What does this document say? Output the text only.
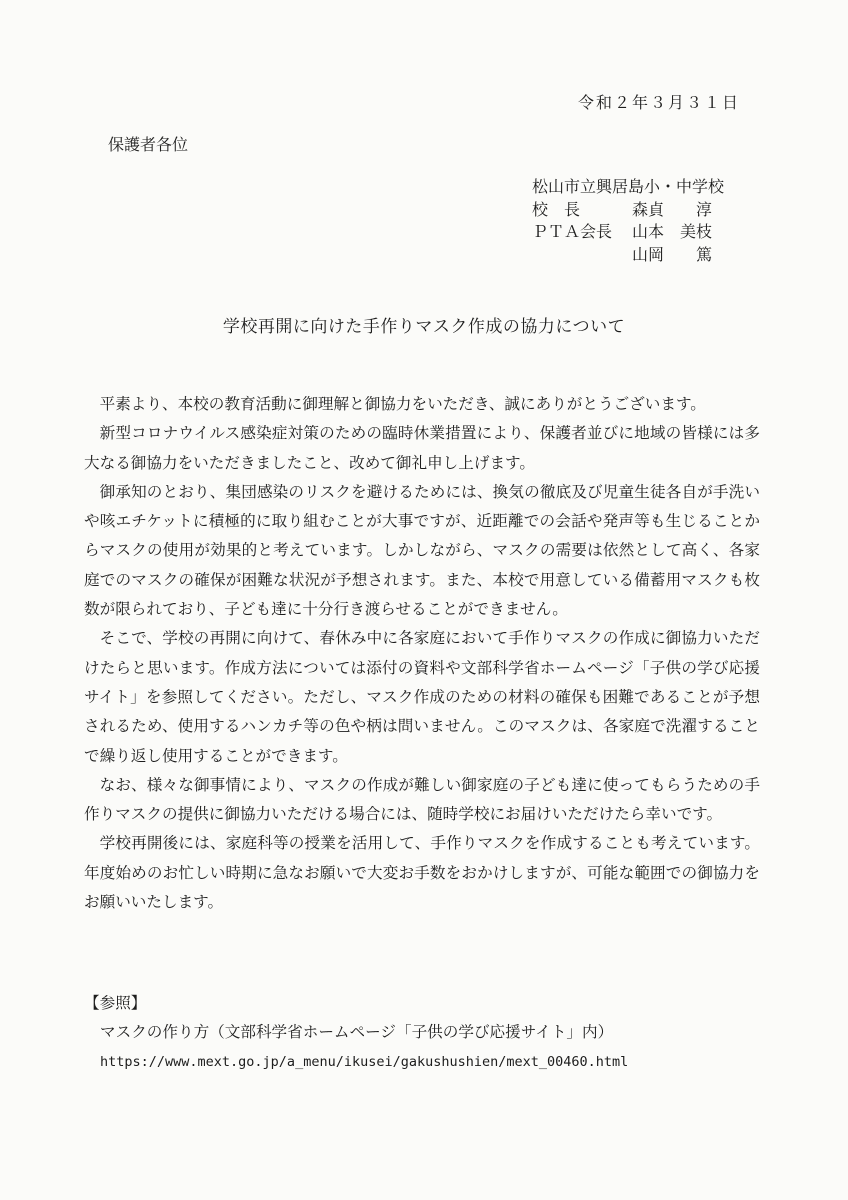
令和２年３月３１日
保護者各位
松山市立興居島小・中学校
校　長	森貞　　淳
ＰＴＡ会長	山本　美枝
山岡　　篤
学校再開に向けた手作りマスク作成の協力について

平素より、本校の教育活動に御理解と御協力をいただき、誠にありがとうございます。

新型コロナウイルス感染症対策のための臨時休業措置により、保護者並びに地域の皆様には多大なる御協力をいただきましたこと、改めて御礼申し上げます。

御承知のとおり、集団感染のリスクを避けるためには、換気の徹底及び児童生徒各自が手洗いや咳エチケットに積極的に取り組むことが大事ですが、近距離での会話や発声等も生じることからマスクの使用が効果的と考えています。しかしながら、マスクの需要は依然として高く、各家庭でのマスクの確保が困難な状況が予想されます。また、本校で用意している備蓄用マスクも枚数が限られており、子ども達に十分行き渡らせることができません。

そこで、学校の再開に向けて、春休み中に各家庭において手作りマスクの作成に御協力いただけたらと思います。作成方法については添付の資料や文部科学省ホームページ「子供の学び応援サイト」を参照してください。ただし、マスク作成のための材料の確保も困難であることが予想されるため、使用するハンカチ等の色や柄は問いません。このマスクは、各家庭で洗濯することで繰り返し使用することができます。

なお、様々な御事情により、マスクの作成が難しい御家庭の子ども達に使ってもらうための手作りマスクの提供に御協力いただける場合には、随時学校にお届けいただけたら幸いです。

学校再開後には、家庭科等の授業を活用して、手作りマスクを作成することも考えています。年度始めのお忙しい時期に急なお願いで大変お手数をおかけしますが、可能な範囲での御協力をお願いいたします。

【参照】
マスクの作り方（文部科学省ホームページ「子供の学び応援サイト」内）
https://www.mext.go.jp/a_menu/ikusei/gakushushien/mext_00460.html
